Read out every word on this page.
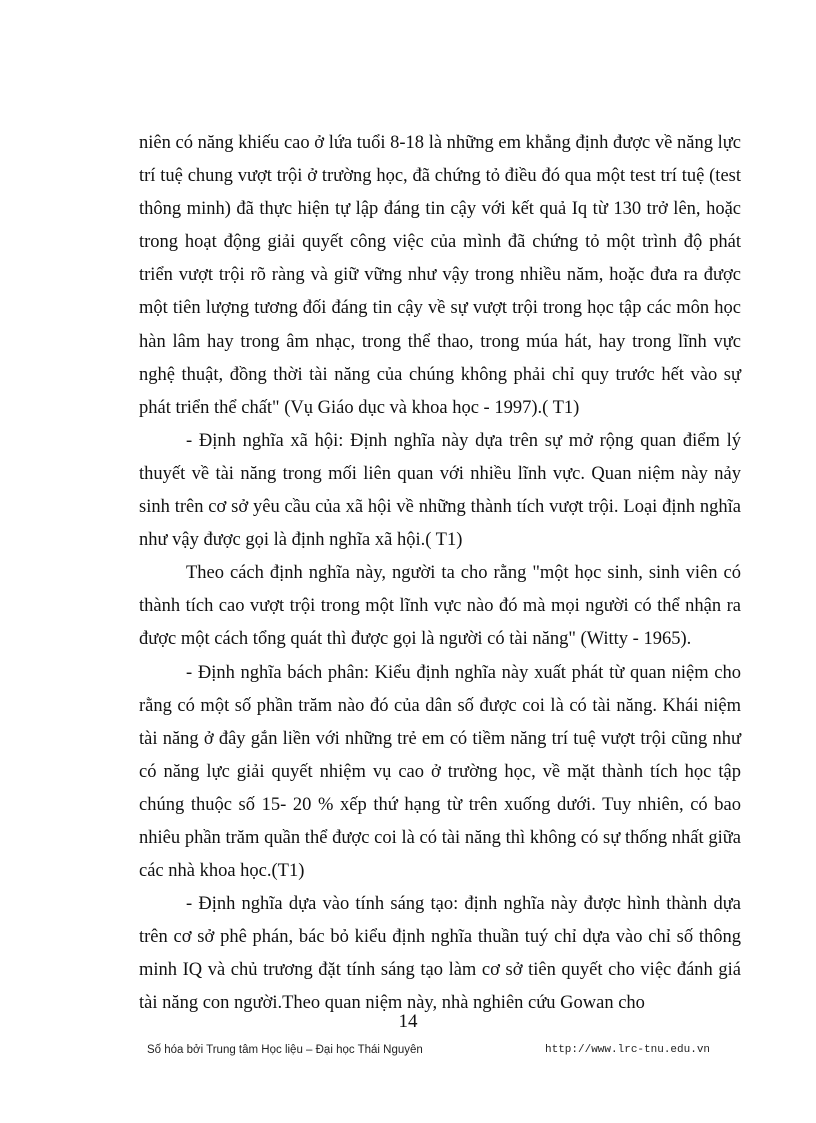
niên có năng khiếu cao ở lứa tuổi 8-18 là những em khẳng định được về năng lực trí tuệ chung vượt trội ở trường học, đã chứng tỏ điều đó qua một test trí tuệ (test thông minh) đã thực hiện tự lập đáng tin cậy với kết quả Iq từ 130 trở lên, hoặc trong hoạt động giải quyết công việc của mình đã chứng tỏ một trình độ phát triển vượt trội rõ ràng và giữ vững như vậy trong nhiều năm, hoặc đưa ra được một tiên lượng tương đối đáng tin cậy về sự vượt trội trong học tập các môn học hàn lâm hay trong âm nhạc, trong thể thao, trong múa hát, hay trong lĩnh vực nghệ thuật, đồng thời tài năng của chúng không phải chỉ quy trước hết vào sự phát triển thể chất" (Vụ Giáo dục và khoa học - 1997).( T1)

- Định nghĩa xã hội: Định nghĩa này dựa trên sự mở rộng quan điểm lý thuyết về tài năng trong mối liên quan với nhiều lĩnh vực. Quan niệm này nảy sinh trên cơ sở yêu cầu của xã hội về những thành tích vượt trội. Loại định nghĩa như vậy được gọi là định nghĩa xã hội.( T1)

Theo cách định nghĩa này, người ta cho rằng "một học sinh, sinh viên có thành tích cao vượt trội trong một lĩnh vực nào đó mà mọi người có thể nhận ra được một cách tổng quát thì được gọi là người có tài năng" (Witty - 1965).

- Định nghĩa bách phân: Kiểu định nghĩa này xuất phát từ quan niệm cho rằng có một số phần trăm nào đó của dân số được coi là có tài năng. Khái niệm tài năng ở đây gắn liền với những trẻ em có tiềm năng trí tuệ vượt trội cũng như có năng lực giải quyết nhiệm vụ cao ở trường học, về mặt thành tích học tập chúng thuộc số 15- 20 % xếp thứ hạng từ trên xuống dưới. Tuy nhiên, có bao nhiêu phần trăm quần thể được coi là có tài năng thì không có sự thống nhất giữa các nhà khoa học.(T1)

- Định nghĩa dựa vào tính sáng tạo: định nghĩa này được hình thành dựa trên cơ sở phê phán, bác bỏ kiểu định nghĩa thuần tuý chỉ dựa vào chỉ số thông minh IQ và chủ trương đặt tính sáng tạo làm cơ sở tiên quyết cho việc đánh giá tài năng con người.Theo quan niệm này, nhà nghiên cứu Gowan cho

14
Số hóa bởi Trung tâm Học liệu – Đại học Thái Nguyên	http://www.lrc-tnu.edu.vn
